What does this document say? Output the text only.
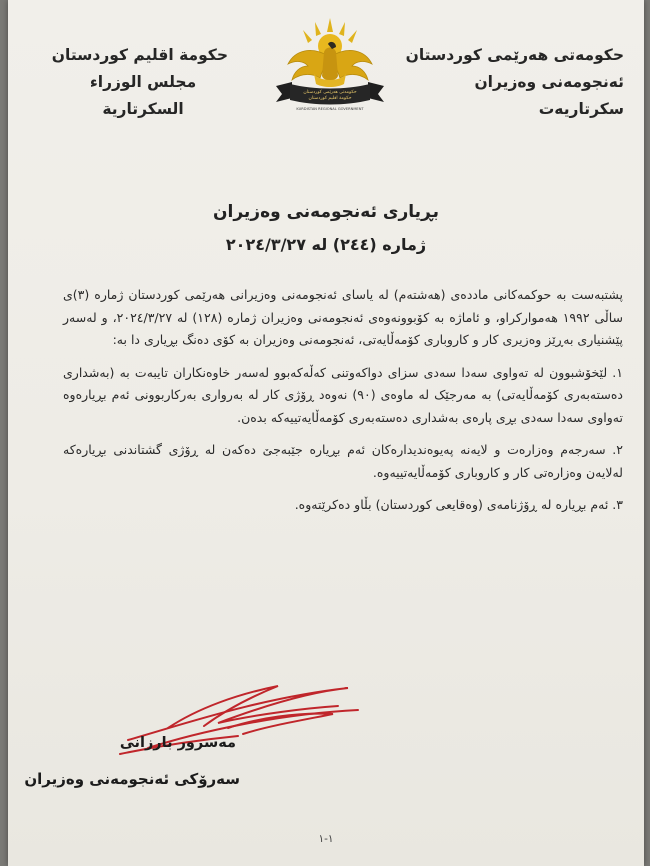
حکومەتی هەرێمی کوردستان
ئەنجومەنی وەزیران
سکرتاریەت
حكومەتی هەرێمی كوردستان
حكومة اقليم كوردستان
KURDISTAN REGIONAL GOVERNMENT
حكومة اقليم كوردستان
مجلس الوزراء
السكرتارية
بڕیاری ئەنجومەنی وەزیران
ژمارە (٢٤٤) لە ٢٠٢٤/٣/٢٧

پشتبەست بە حوکمەکانی ماددەی (هەشتەم) لە یاسای ئەنجومەنی وەزیرانی هەرێمی کوردستان ژمارە (٣)ی ساڵی ١٩٩٢ هەموارکراو، و ئاماژە بە کۆبوونەوەی ئەنجومەنی وەزیران ژمارە (١٢٨) لە ٢٠٢٤/٣/٢٧، و لەسەر پێشنیاری بەڕێز وەزیری کار و کاروباری کۆمەڵایەتی، ئەنجومەنی وەزیران بە کۆی دەنگ بڕیاری دا بە:

١. لێخۆشبوون لە تەواوی سەدا سەدی سزای دواکەوتنی کەڵەکەبوو لەسەر خاوەنکاران تایبەت بە (بەشداری دەستەبەری کۆمەڵایەتی) بە مەرجێک لە ماوەی (٩٠) نەوەد ڕۆژی کار لە بەرواری بەرکاربوونی ئەم بڕیارەوە تەواوی سەدا سەدی بڕی پارەی بەشداری دەستەبەری کۆمەڵایەتییەکە بدەن.

٢. سەرجەم وەزارەت و لایەنە پەیوەندیدارەکان ئەم بڕیارە جێبەجێ دەکەن لە ڕۆژی گشتاندنی بڕیارەکە لەلایەن وەزارەتی کار و کاروباری کۆمەڵایەتییەوە.

٣. ئەم بڕیارە لە ڕۆژنامەی (وەقایعی کوردستان) بڵاو دەکرێتەوە.

مەسرور بارزانی
سەرۆکی ئەنجومەنی وەزیران
١-١
